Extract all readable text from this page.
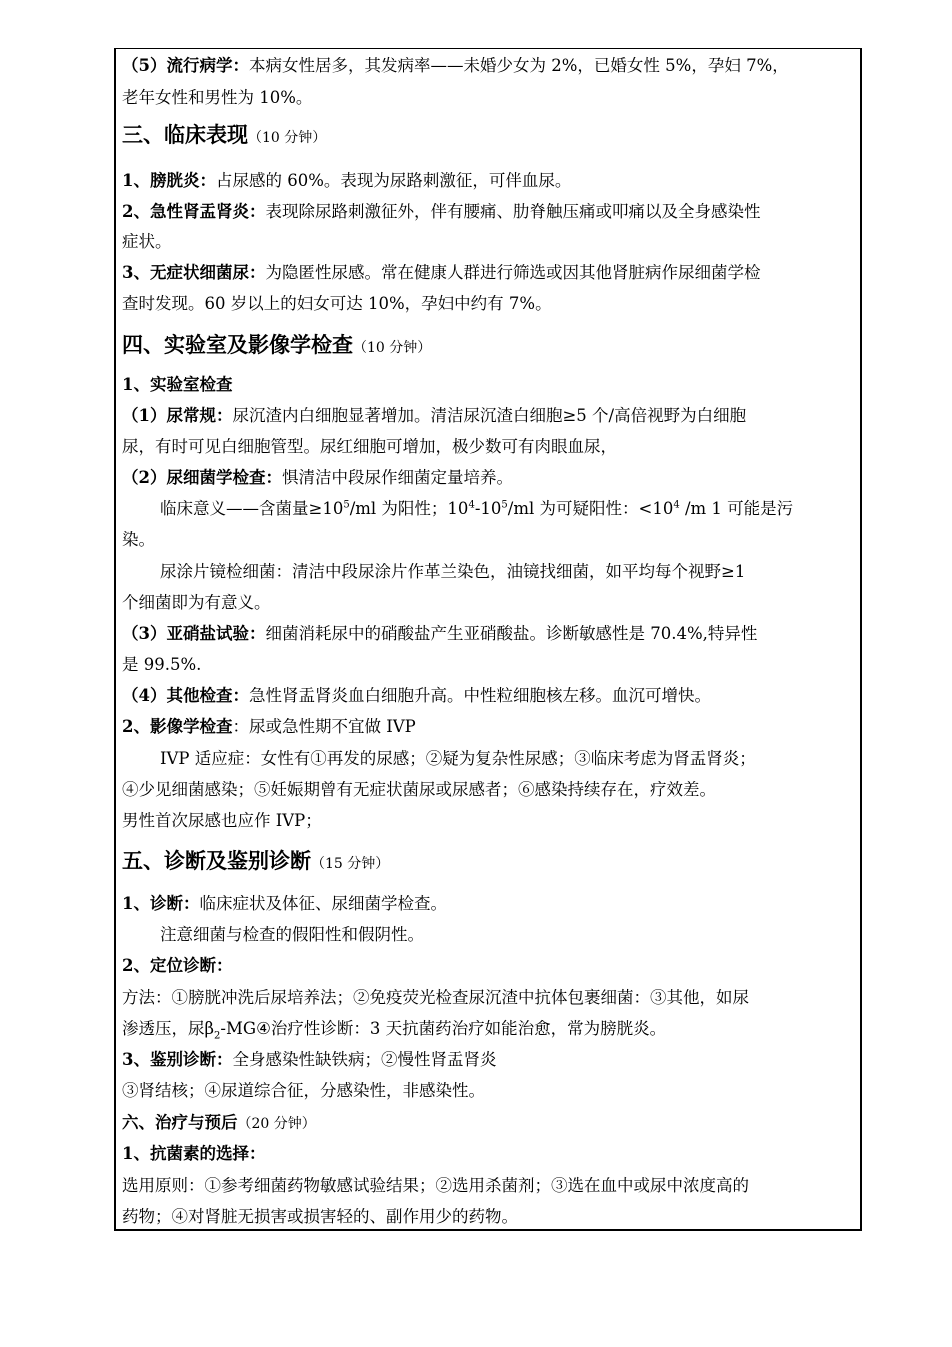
（5）流行病学：本病女性居多，其发病率——未婚少女为 2%，已婚女性 5%，孕妇 7%，
老年女性和男性为 10%。
三、临床表现（10 分钟）
1、膀胱炎：占尿感的 60%。表现为尿路刺激征，可伴血尿。
2、急性肾盂肾炎：表现除尿路刺激征外，伴有腰痛、肋脊触压痛或叩痛以及全身感染性
症状。
3、无症状细菌尿：为隐匿性尿感。常在健康人群进行筛选或因其他肾脏病作尿细菌学检
查时发现。60 岁以上的妇女可达 10%，孕妇中约有 7%。
四、实验室及影像学检查（10 分钟）
1、实验室检查
（1）尿常规：尿沉渣内白细胞显著增加。清洁尿沉渣白细胞≥5 个/高倍视野为白细胞
尿，有时可见白细胞管型。尿红细胞可增加，极少数可有肉眼血尿，
（2）尿细菌学检查：惧清洁中段尿作细菌定量培养。
临床意义——含菌量$\ge 10^5/ml$ 为阳性；$10^4-10^5/ml$ 为可疑阳性：$<10^4$ /m 1 可能是污
染。
尿涂片镜检细菌：清洁中段尿涂片作革兰染色，油镜找细菌，如平均每个视野≥1
个细菌即为有意义。
（3）亚硝盐试验：细菌消耗尿中的硝酸盐产生亚硝酸盐。诊断敏感性是 70.4%,特异性
是 99.5%.
（4）其他检查：急性肾盂肾炎血白细胞升高。中性粒细胞核左移。血沉可增快。
2、影像学检查：尿或急性期不宜做 IVP
IVP 适应症：女性有①再发的尿感；②疑为复杂性尿感；③临床考虑为肾盂肾炎；
④少见细菌感染；⑤妊娠期曾有无症状菌尿或尿感者；⑥感染持续存在，疗效差。
男性首次尿感也应作 IVP；
五、诊断及鉴别诊断（15 分钟）
1、诊断：临床症状及体征、尿细菌学检查。
注意细菌与检查的假阳性和假阴性。
2、定位诊断：
方法：①膀胱冲洗后尿培养法；②免疫荧光检查尿沉渣中抗体包裹细菌：③其他，如尿
渗透压，尿$\beta_2$-MG④治疗性诊断：3 天抗菌药治疗如能治愈，常为膀胱炎。
3、鉴别诊断：全身感染性缺铁病；②慢性肾盂肾炎
③肾结核；④尿道综合征，分感染性，非感染性。
六、治疗与预后（20 分钟）
1、抗菌素的选择：
选用原则：①参考细菌药物敏感试验结果；②选用杀菌剂；③选在血中或尿中浓度高的
药物；④对肾脏无损害或损害轻的、副作用少的药物。
